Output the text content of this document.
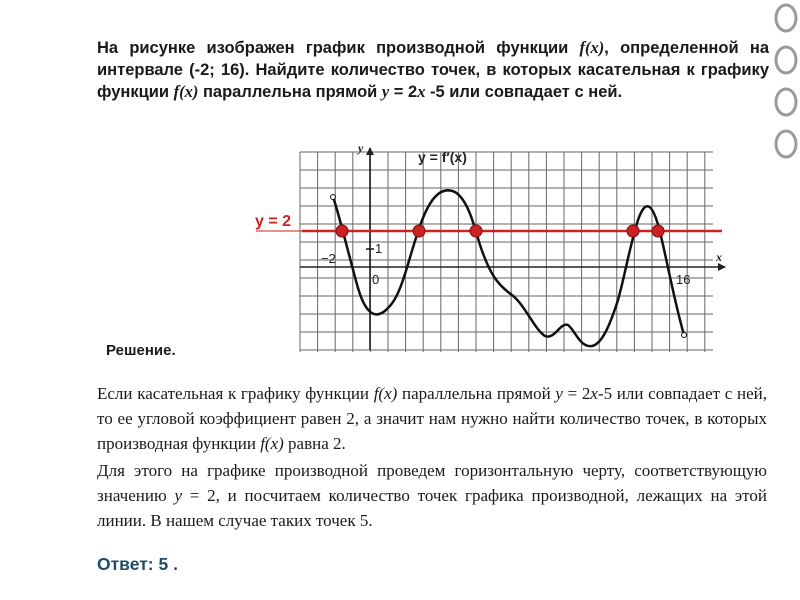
На рисунке изображен график производной функции f(x), определенной на интервале (-2; 16). Найдите количество точек, в которых касательная к графику функции f(x) параллельна прямой y = 2x -5 или совпадает с ней.
y = 2
y = f′(x)
y
x
−2
0
1
16
Решение.

Если касательная к графику функции f(x) параллельна прямой y = 2x-5 или совпадает с ней, то ее угловой коэффициент равен 2, а значит нам нужно найти количество точек, в которых производная функции f(x) равна 2.

Для этого на графике производной проведем горизонтальную черту, соответствующую значению y = 2, и посчитаем количество точек графика производной, лежащих на этой линии. В нашем случае таких точек 5.

Ответ: 5 .
